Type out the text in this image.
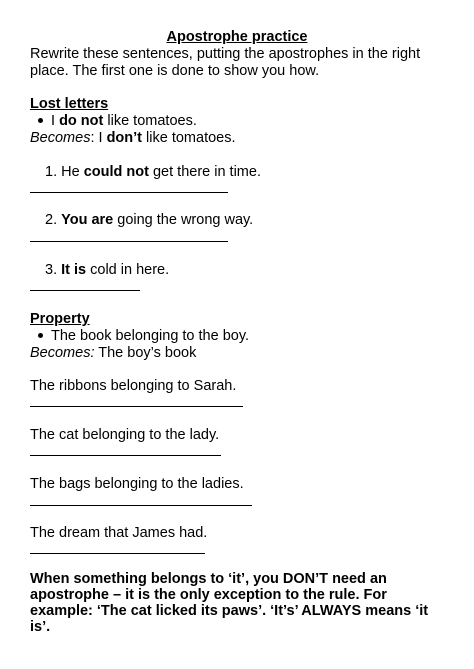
Apostrophe practice
Rewrite these sentences, putting the apostrophes in the right
place. The first one is done to show you how.
Lost letters
I do not like tomatoes.
Becomes: I don’t like tomatoes.
1. He could not get there in time.
2. You are going the wrong way.
3. It is cold in here.
Property
The book belonging to the boy.
Becomes: The boy’s book
The ribbons belonging to Sarah.
The cat belonging to the lady.
The bags belonging to the ladies.
The dream that James had.
When something belongs to ‘it’, you DON’T need an apostrophe – it is the only exception to the rule. For example: ‘The cat licked its paws’. ‘It’s’ ALWAYS means ‘it is’.
